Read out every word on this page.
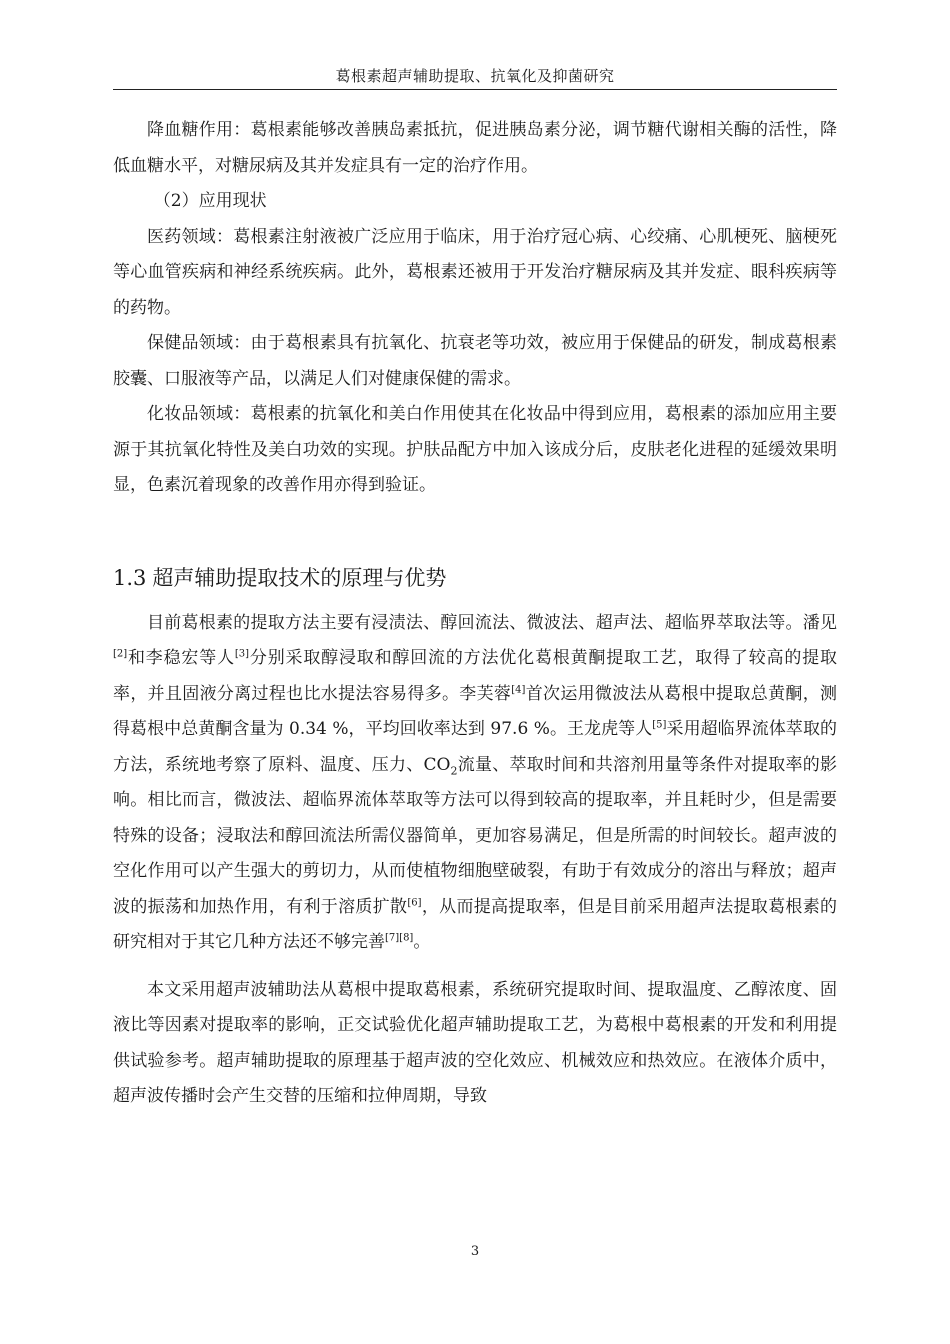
葛根素超声辅助提取、抗氧化及抑菌研究

降血糖作用：葛根素能够改善胰岛素抵抗，促进胰岛素分泌，调节糖代谢相关酶的活性，降低血糖水平，对糖尿病及其并发症具有一定的治疗作用。

（2）应用现状

医药领域：葛根素注射液被广泛应用于临床，用于治疗冠心病、心绞痛、心肌梗死、脑梗死等心血管疾病和神经系统疾病。此外，葛根素还被用于开发治疗糖尿病及其并发症、眼科疾病等的药物。

保健品领域：由于葛根素具有抗氧化、抗衰老等功效，被应用于保健品的研发，制成葛根素胶囊、口服液等产品，以满足人们对健康保健的需求。

化妆品领域：葛根素的抗氧化和美白作用使其在化妆品中得到应用，葛根素的添加应用主要源于其抗氧化特性及美白功效的实现。护肤品配方中加入该成分后，皮肤老化进程的延缓效果明显，色素沉着现象的改善作用亦得到验证。

1.3 超声辅助提取技术的原理与优势

目前葛根素的提取方法主要有浸渍法、醇回流法、微波法、超声法、超临界萃取法等。潘见[2]和李稳宏等人[3]分别采取醇浸取和醇回流的方法优化葛根黄酮提取工艺，取得了较高的提取率，并且固液分离过程也比水提法容易得多。李芙蓉[4]首次运用微波法从葛根中提取总黄酮，测得葛根中总黄酮含量为 0.34 %，平均回收率达到 97.6 %。王龙虎等人[5]采用超临界流体萃取的方法，系统地考察了原料、温度、压力、$CO_2$流量、萃取时间和共溶剂用量等条件对提取率的影响。相比而言，微波法、超临界流体萃取等方法可以得到较高的提取率，并且耗时少，但是需要特殊的设备；浸取法和醇回流法所需仪器简单，更加容易满足，但是所需的时间较长。超声波的空化作用可以产生强大的剪切力，从而使植物细胞壁破裂，有助于有效成分的溶出与释放；超声波的振荡和加热作用，有利于溶质扩散[6]，从而提高提取率，但是目前采用超声法提取葛根素的研究相对于其它几种方法还不够完善[7][8]。

本文采用超声波辅助法从葛根中提取葛根素，系统研究提取时间、提取温度、乙醇浓度、固液比等因素对提取率的影响，正交试验优化超声辅助提取工艺，为葛根中葛根素的开发和利用提供试验参考。超声辅助提取的原理基于超声波的空化效应、机械效应和热效应。在液体介质中，超声波传播时会产生交替的压缩和拉伸周期，导致

3
